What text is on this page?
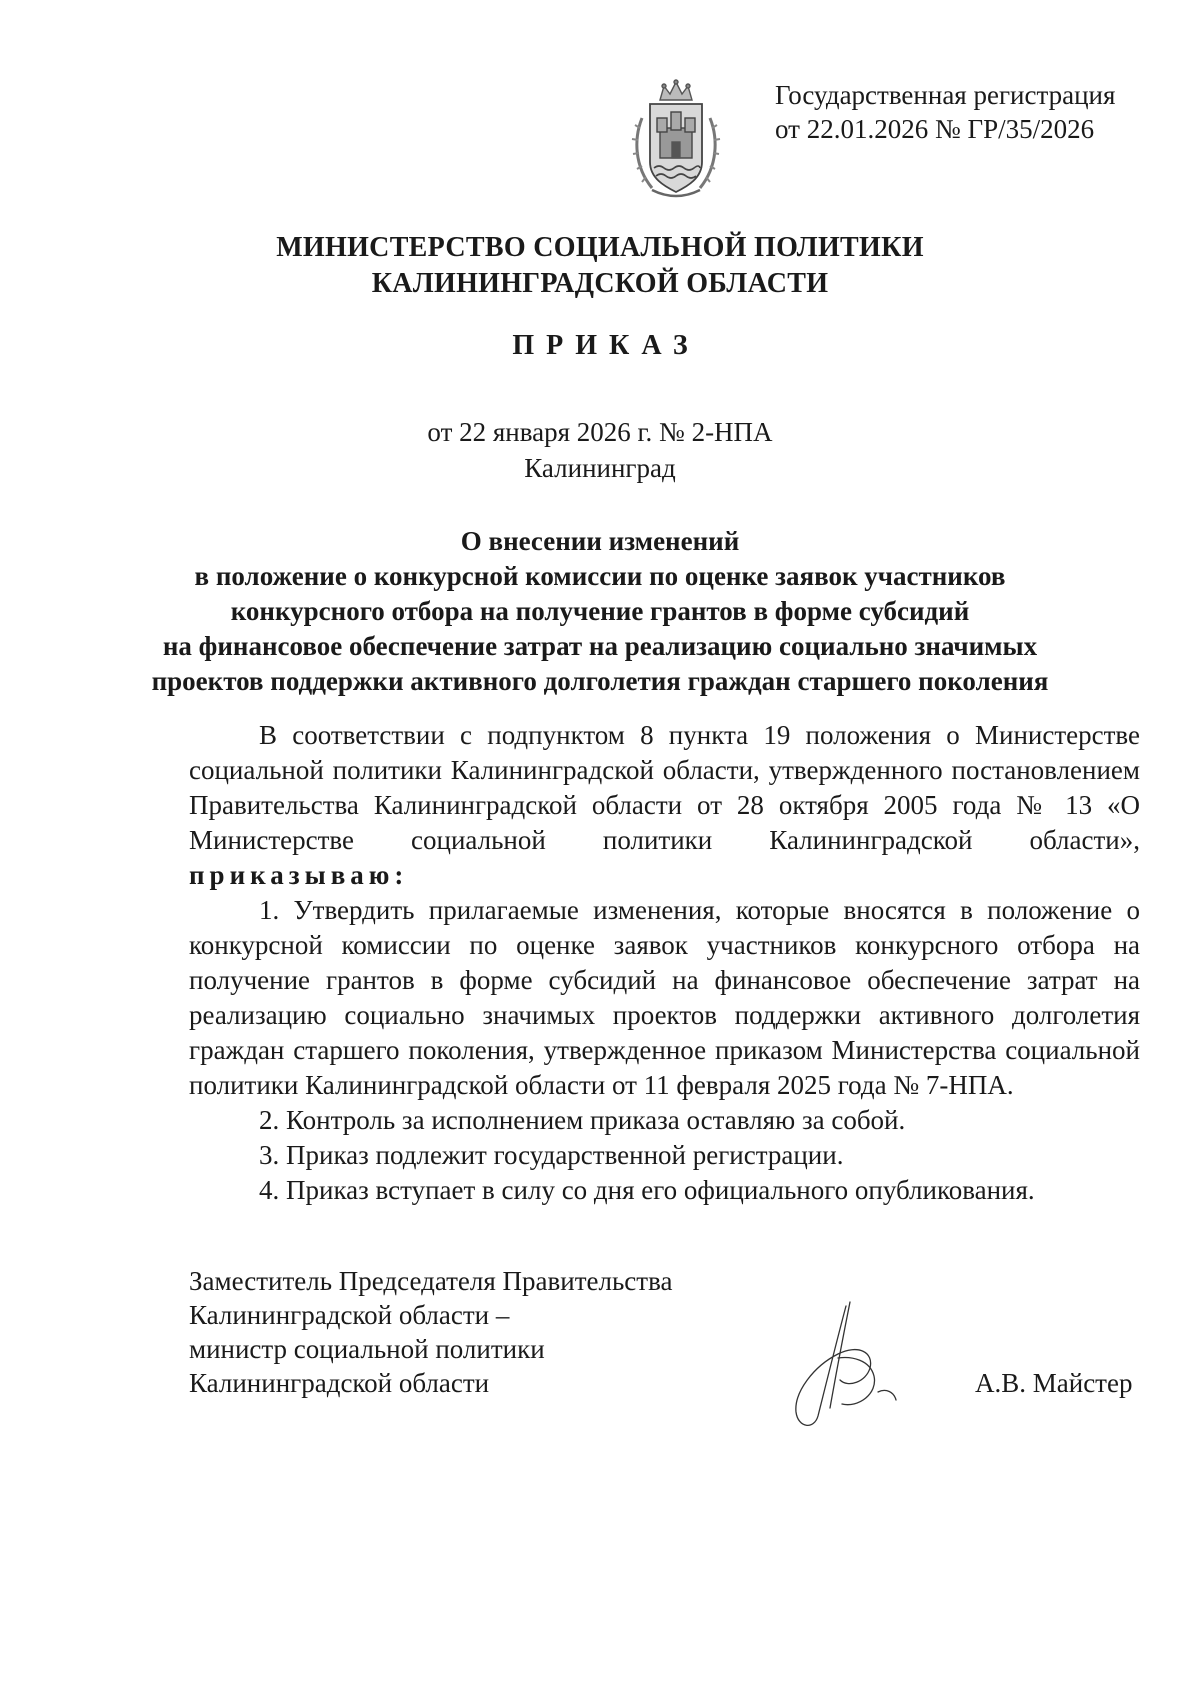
Государственная регистрация
от 22.01.2026 № ГР/35/2026
МИНИСТЕРСТВО СОЦИАЛЬНОЙ ПОЛИТИКИ
КАЛИНИНГРАДСКОЙ ОБЛАСТИ
ПРИКАЗ
от 22 января 2026 г. № 2-НПА
Калининград
О внесении изменений
в положение о конкурсной комиссии по оценке заявок участников
конкурсного отбора на получение грантов в форме субсидий
на финансовое обеспечение затрат на реализацию социально значимых
проектов поддержки активного долголетия граждан старшего поколения

В соответствии с подпунктом 8 пункта 19 положения о Министерстве социальной политики Калининградской области, утвержденного постановлением Правительства Калининградской области от 28 октября 2005 года № 13 «О Министерстве социальной политики Калининградской области», приказываю:

1. Утвердить прилагаемые изменения, которые вносятся в положение о конкурсной комиссии по оценке заявок участников конкурсного отбора на получение грантов в форме субсидий на финансовое обеспечение затрат на реализацию социально значимых проектов поддержки активного долголетия граждан старшего поколения, утвержденное приказом Министерства социальной политики Калининградской области от 11 февраля 2025 года № 7-НПА.

2. Контроль за исполнением приказа оставляю за собой.

3. Приказ подлежит государственной регистрации.

4. Приказ вступает в силу со дня его официального опубликования.

Заместитель Председателя Правительства
Калининградской области –
министр социальной политики
Калининградской области	А.В. Майстер
